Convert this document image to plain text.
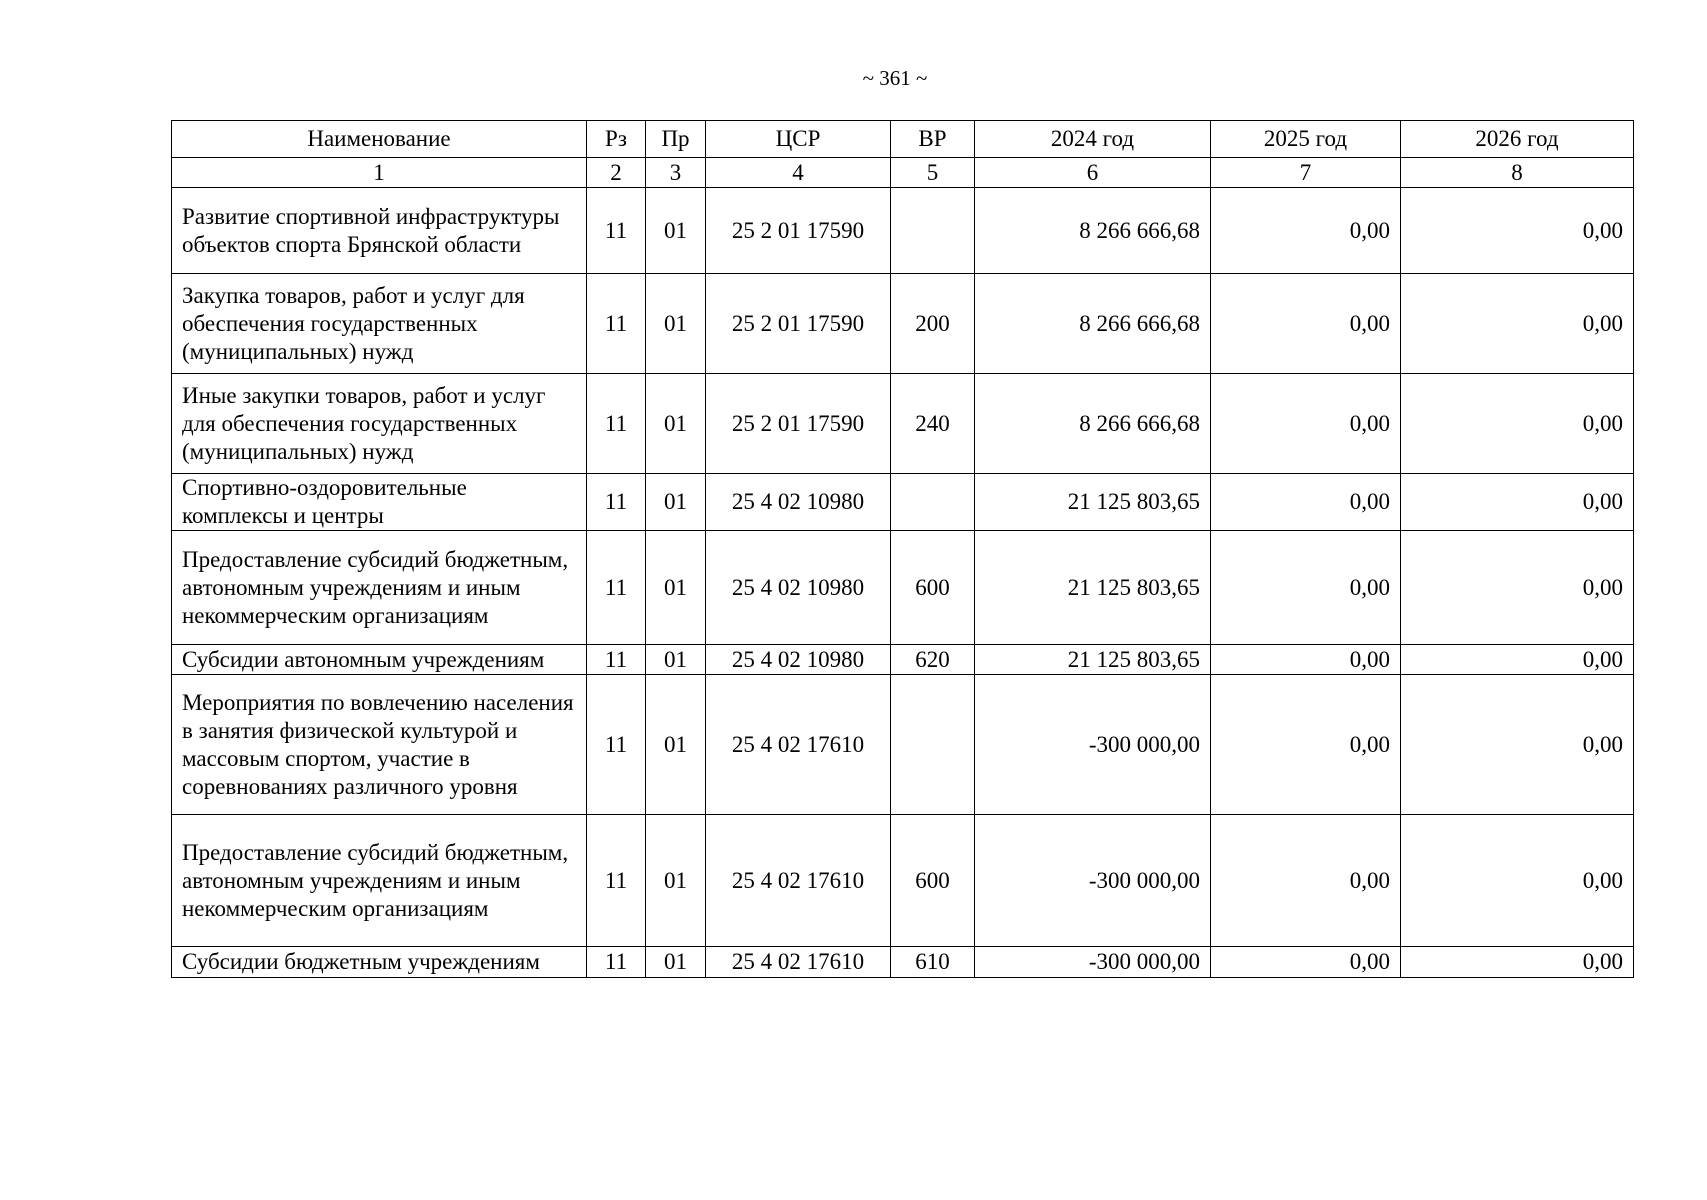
~ 361 ~
Наименование	Рз	Пр	ЦСР	ВР	2024 год	2025 год	2026 год
1	2	3	4	5	6	7	8
Развитие спортивной инфраструктуры объектов спорта Брянской области	11	01	25 2 01 17590		8 266 666,68	0,00	0,00
Закупка товаров, работ и услуг для обеспечения государственных (муниципальных) нужд	11	01	25 2 01 17590	200	8 266 666,68	0,00	0,00
Иные закупки товаров, работ и услуг для обеспечения государственных (муниципальных) нужд	11	01	25 2 01 17590	240	8 266 666,68	0,00	0,00
Спортивно-оздоровительные комплексы и центры	11	01	25 4 02 10980		21 125 803,65	0,00	0,00
Предоставление субсидий бюджетным, автономным учреждениям и иным некоммерческим организациям	11	01	25 4 02 10980	600	21 125 803,65	0,00	0,00
Субсидии автономным учреждениям	11	01	25 4 02 10980	620	21 125 803,65	0,00	0,00
Мероприятия по вовлечению населения в занятия физической культурой и массовым спортом, участие в соревнованиях различного уровня	11	01	25 4 02 17610		-300 000,00	0,00	0,00
Предоставление субсидий бюджетным, автономным учреждениям и иным некоммерческим организациям	11	01	25 4 02 17610	600	-300 000,00	0,00	0,00
Субсидии бюджетным учреждениям	11	01	25 4 02 17610	610	-300 000,00	0,00	0,00
